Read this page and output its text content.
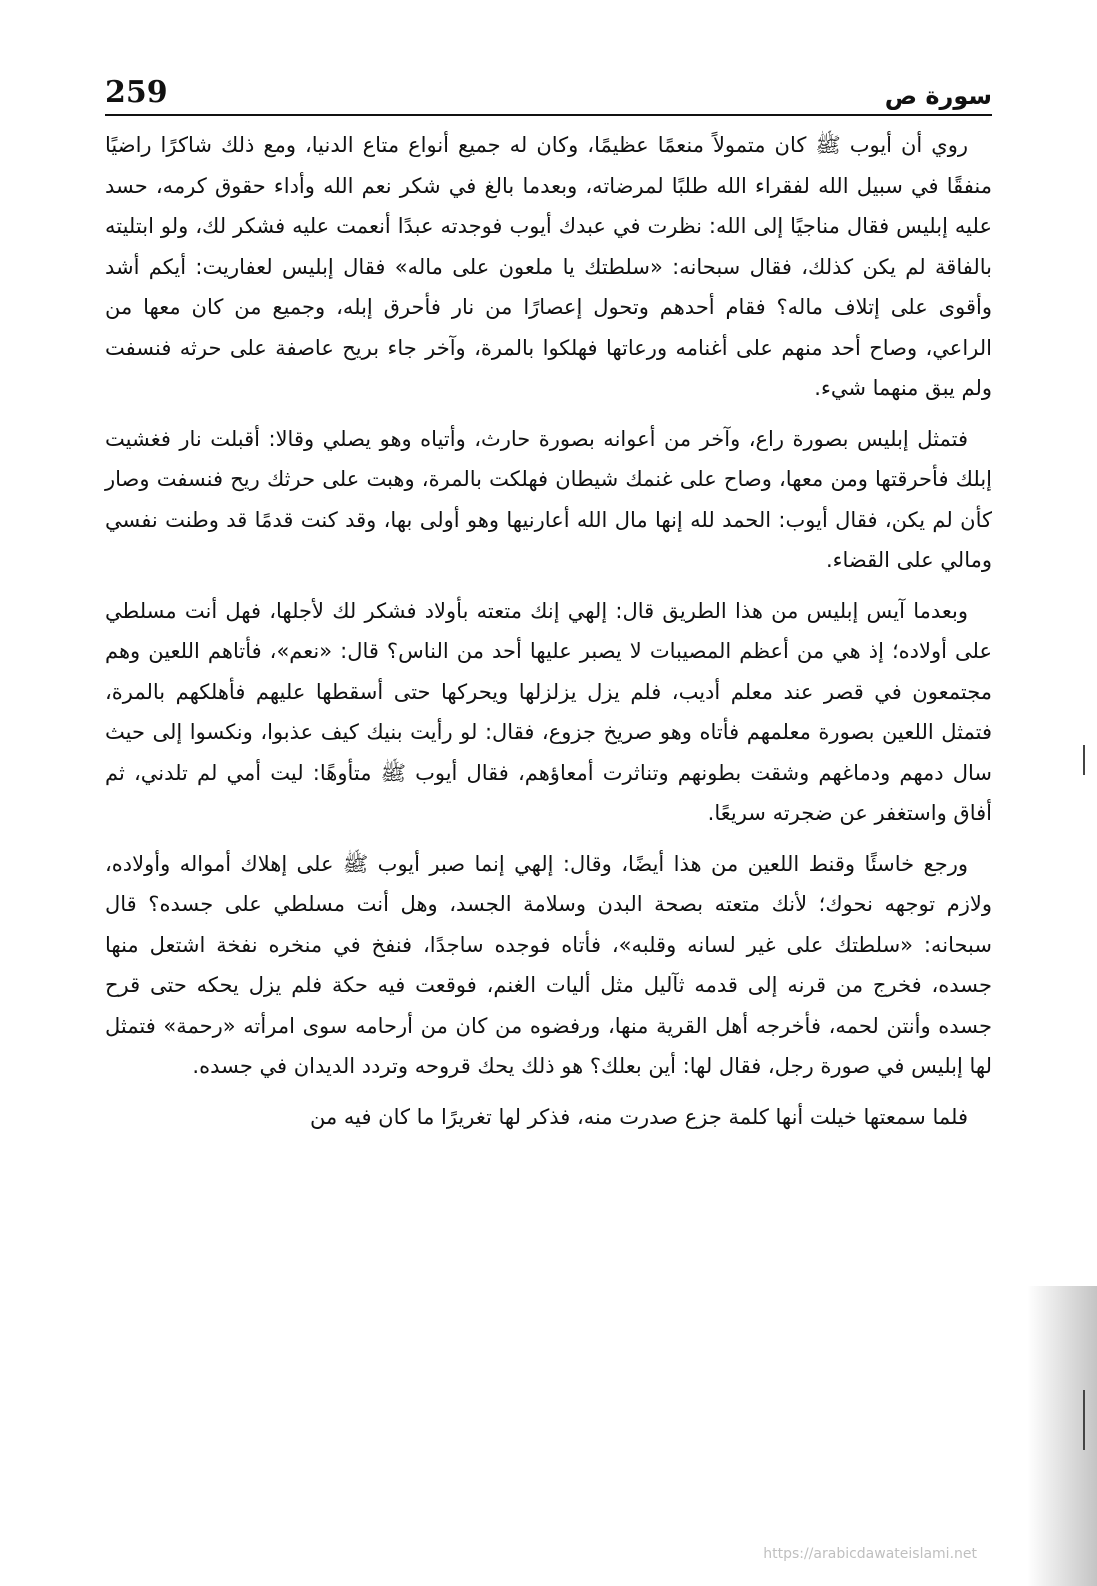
259	سورة ص

روي أن أيوب ﷺ كان متمولاً منعمًا عظيمًا، وكان له جميع أنواع متاع الدنيا، ومع ذلك شاكرًا راضيًا منفقًا في سبيل الله لفقراء الله طلبًا لمرضاته، وبعدما بالغ في شكر نعم الله وأداء حقوق كرمه، حسد عليه إبليس فقال مناجيًا إلى الله: نظرت في عبدك أيوب فوجدته عبدًا أنعمت عليه فشكر لك، ولو ابتليته بالفاقة لم يكن كذلك، فقال سبحانه: «سلطتك يا ملعون على ماله» فقال إبليس لعفاريت: أيكم أشد وأقوى على إتلاف ماله؟ فقام أحدهم وتحول إعصارًا من نار فأحرق إبله، وجميع من كان معها من الراعي، وصاح أحد منهم على أغنامه ورعاتها فهلكوا بالمرة، وآخر جاء بريح عاصفة على حرثه فنسفت ولم يبق منهما شيء.

فتمثل إبليس بصورة راع، وآخر من أعوانه بصورة حارث، وأتياه وهو يصلي وقالا: أقبلت نار فغشيت إبلك فأحرقتها ومن معها، وصاح على غنمك شيطان فهلكت بالمرة، وهبت على حرثك ريح فنسفت وصار كأن لم يكن، فقال أيوب: الحمد لله إنها مال الله أعارنيها وهو أولى بها، وقد كنت قدمًا قد وطنت نفسي ومالي على القضاء.

وبعدما آيس إبليس من هذا الطريق قال: إلهي إنك متعته بأولاد فشكر لك لأجلها، فهل أنت مسلطي على أولاده؛ إذ هي من أعظم المصيبات لا يصبر عليها أحد من الناس؟ قال: «نعم»، فأتاهم اللعين وهم مجتمعون في قصر عند معلم أديب، فلم يزل يزلزلها ويحركها حتى أسقطها عليهم فأهلكهم بالمرة، فتمثل اللعين بصورة معلمهم فأتاه وهو صريخ جزوع، فقال: لو رأيت بنيك كيف عذبوا، ونكسوا إلى حيث سال دمهم ودماغهم وشقت بطونهم وتناثرت أمعاؤهم، فقال أيوب ﷺ متأوهًا: ليت أمي لم تلدني، ثم أفاق واستغفر عن ضجرته سريعًا.

ورجع خاسئًا وقنط اللعين من هذا أيضًا، وقال: إلهي إنما صبر أيوب ﷺ على إهلاك أمواله وأولاده، ولازم توجهه نحوك؛ لأنك متعته بصحة البدن وسلامة الجسد، وهل أنت مسلطي على جسده؟ قال سبحانه: «سلطتك على غير لسانه وقلبه»، فأتاه فوجده ساجدًا، فنفخ في منخره نفخة اشتعل منها جسده، فخرج من قرنه إلى قدمه ثآليل مثل أليات الغنم، فوقعت فيه حكة فلم يزل يحكه حتى قرح جسده وأنتن لحمه، فأخرجه أهل القرية منها، ورفضوه من كان من أرحامه سوى امرأته «رحمة» فتمثل لها إبليس في صورة رجل، فقال لها: أين بعلك؟ هو ذلك يحك قروحه وتردد الديدان في جسده.

فلما سمعتها خيلت أنها كلمة جزع صدرت منه، فذكر لها تغريرًا ما كان فيه من

https://arabicdawateislami.net
